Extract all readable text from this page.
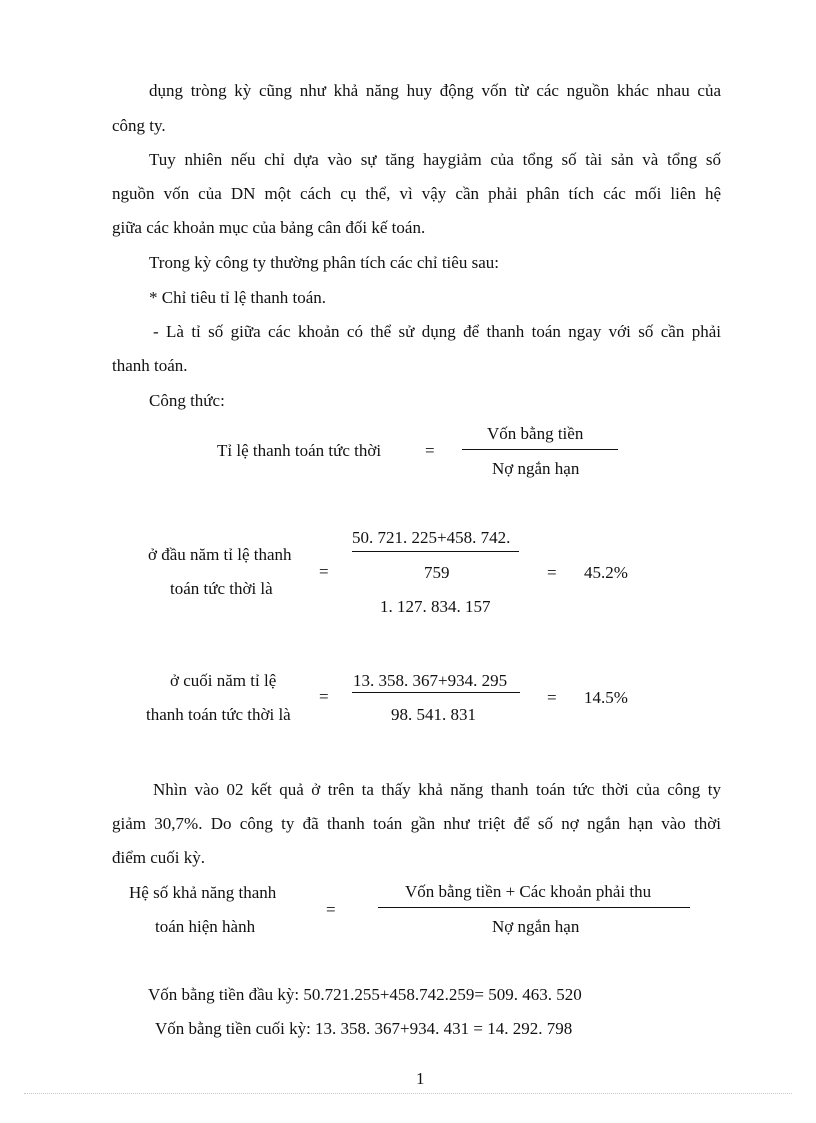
dụng tròng kỳ cũng như khả năng huy động vốn từ các nguồn khác nhau của
công ty.
Tuy nhiên nếu chỉ dựa vào sự tăng haygiảm của tổng số tài sản và tổng số
nguồn vốn của DN một cách cụ thể, vì vậy cần phải phân tích các mối liên hệ
giữa các khoản mục của bảng cân đối kế toán.
Trong kỳ công ty thường phân tích các chỉ tiêu sau:
* Chỉ tiêu tỉ lệ thanh toán.
- Là tỉ số giữa các khoản có thể sử dụng để thanh toán ngay với số cần phải
thanh toán.
Công thức:
Tỉ lệ thanh toán tức thời	=
Vốn bằng tiền
Nợ ngắn hạn
ở đầu năm tỉ lệ thanh
toán tức thời là
=
50. 721. 225+458. 742.
759
1. 127. 834. 157
= 45.2%
ở cuối năm tỉ lệ
thanh toán tức thời là
=
13. 358. 367+934. 295
98. 541. 831
= 14.5%
Nhìn vào 02 kết quả ở trên ta thấy khả năng thanh toán tức thời của công ty
giảm 30,7%. Do công ty đã thanh toán gần như triệt để số nợ ngắn hạn vào thời
điểm cuối kỳ.
Hệ số khả năng thanh
toán hiện hành
=
Vốn bằng tiền + Các khoản phải thu
Nợ ngắn hạn
Vốn bằng tiền đầu kỳ: 50.721.255+458.742.259= 509. 463. 520
Vốn bằng tiền cuối kỳ: 13. 358. 367+934. 431 = 14. 292. 798
1
